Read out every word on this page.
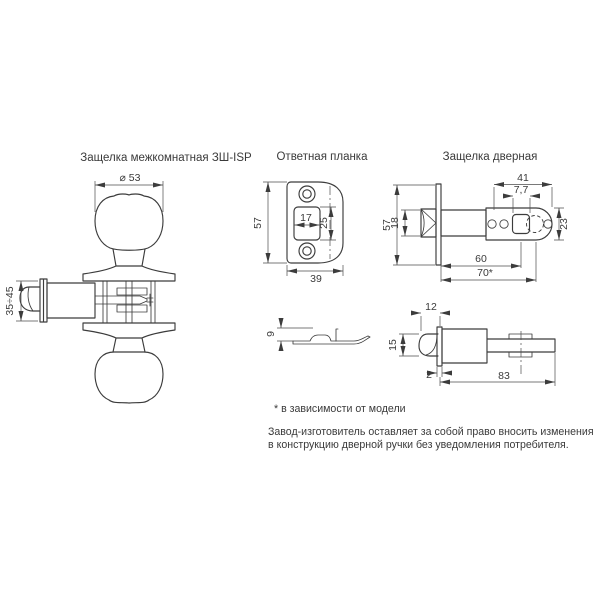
Защелка межкомнатная ЗШ-ISP
⌀ 53
35÷45
Ответная планка
17 25
57
39
9
Защелка дверная
41
7,7
57
18	23
60
70*
12
15
2	83
* в зависимости от модели
Завод-изготовитель оставляет за собой право вносить изменения
в конструкцию дверной ручки без уведомления потребителя.
